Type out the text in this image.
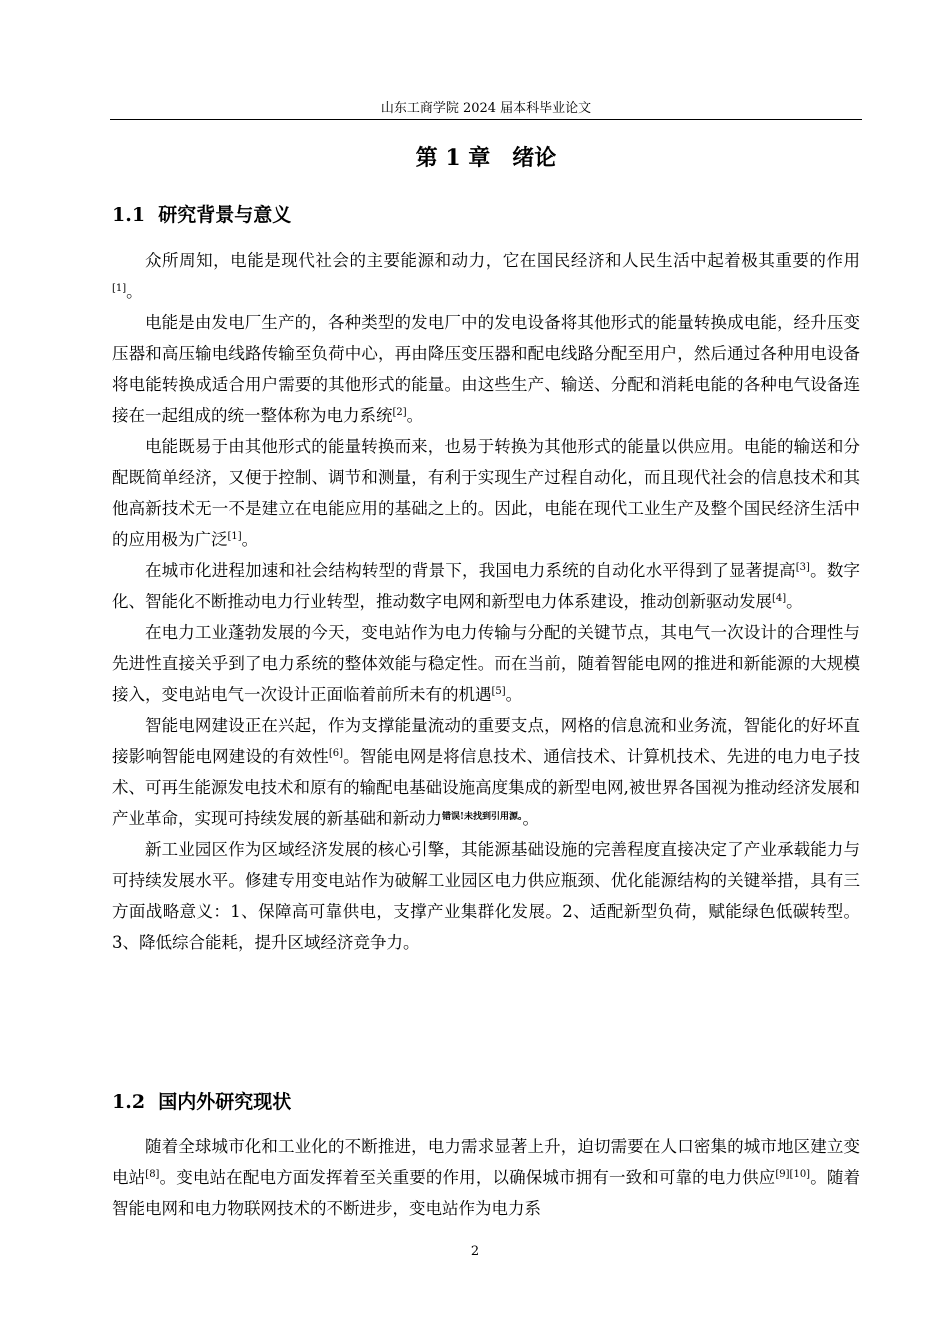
山东工商学院 2024 届本科毕业论文
第 1 章　绪论
1.1  研究背景与意义

众所周知，电能是现代社会的主要能源和动力，它在国民经济和人民生活中起着极其重要的作用[1]。

电能是由发电厂生产的，各种类型的发电厂中的发电设备将其他形式的能量转换成电能，经升压变压器和高压输电线路传输至负荷中心，再由降压变压器和配电线路分配至用户，然后通过各种用电设备将电能转换成适合用户需要的其他形式的能量。由这些生产、输送、分配和消耗电能的各种电气设备连接在一起组成的统一整体称为电力系统[2]。

电能既易于由其他形式的能量转换而来，也易于转换为其他形式的能量以供应用。电能的输送和分配既简单经济，又便于控制、调节和测量，有利于实现生产过程自动化，而且现代社会的信息技术和其他高新技术无一不是建立在电能应用的基础之上的。因此，电能在现代工业生产及整个国民经济生活中的应用极为广泛[1]。

在城市化进程加速和社会结构转型的背景下，我国电力系统的自动化水平得到了显著提高[3]。数字化、智能化不断推动电力行业转型，推动数字电网和新型电力体系建设，推动创新驱动发展[4]。

在电力工业蓬勃发展的今天，变电站作为电力传输与分配的关键节点，其电气一次设计的合理性与先进性直接关乎到了电力系统的整体效能与稳定性。而在当前，随着智能电网的推进和新能源的大规模接入，变电站电气一次设计正面临着前所未有的机遇[5]。

智能电网建设正在兴起，作为支撑能量流动的重要支点，网格的信息流和业务流，智能化的好坏直接影响智能电网建设的有效性[6]。智能电网是将信息技术、通信技术、计算机技术、先进的电力电子技术、可再生能源发电技术和原有的输配电基础设施高度集成的新型电网,被世界各国视为推动经济发展和产业革命，实现可持续发展的新基础和新动力$^{错误!未找到引用源。}$。

新工业园区作为区域经济发展的核心引擎，其能源基础设施的完善程度直接决定了产业承载能力与可持续发展水平。修建专用变电站作为破解工业园区电力供应瓶颈、优化能源结构的关键举措，具有三方面战略意义：1、保障高可靠供电，支撑产业集群化发展。2、适配新型负荷，赋能绿色低碳转型。3、降低综合能耗，提升区域经济竞争力。

1.2  国内外研究现状

随着全球城市化和工业化的不断推进，电力需求显著上升，迫切需要在人口密集的城市地区建立变电站[8]。变电站在配电方面发挥着至关重要的作用，以确保城市拥有一致和可靠的电力供应[9][10]。随着智能电网和电力物联网技术的不断进步，变电站作为电力系

2
